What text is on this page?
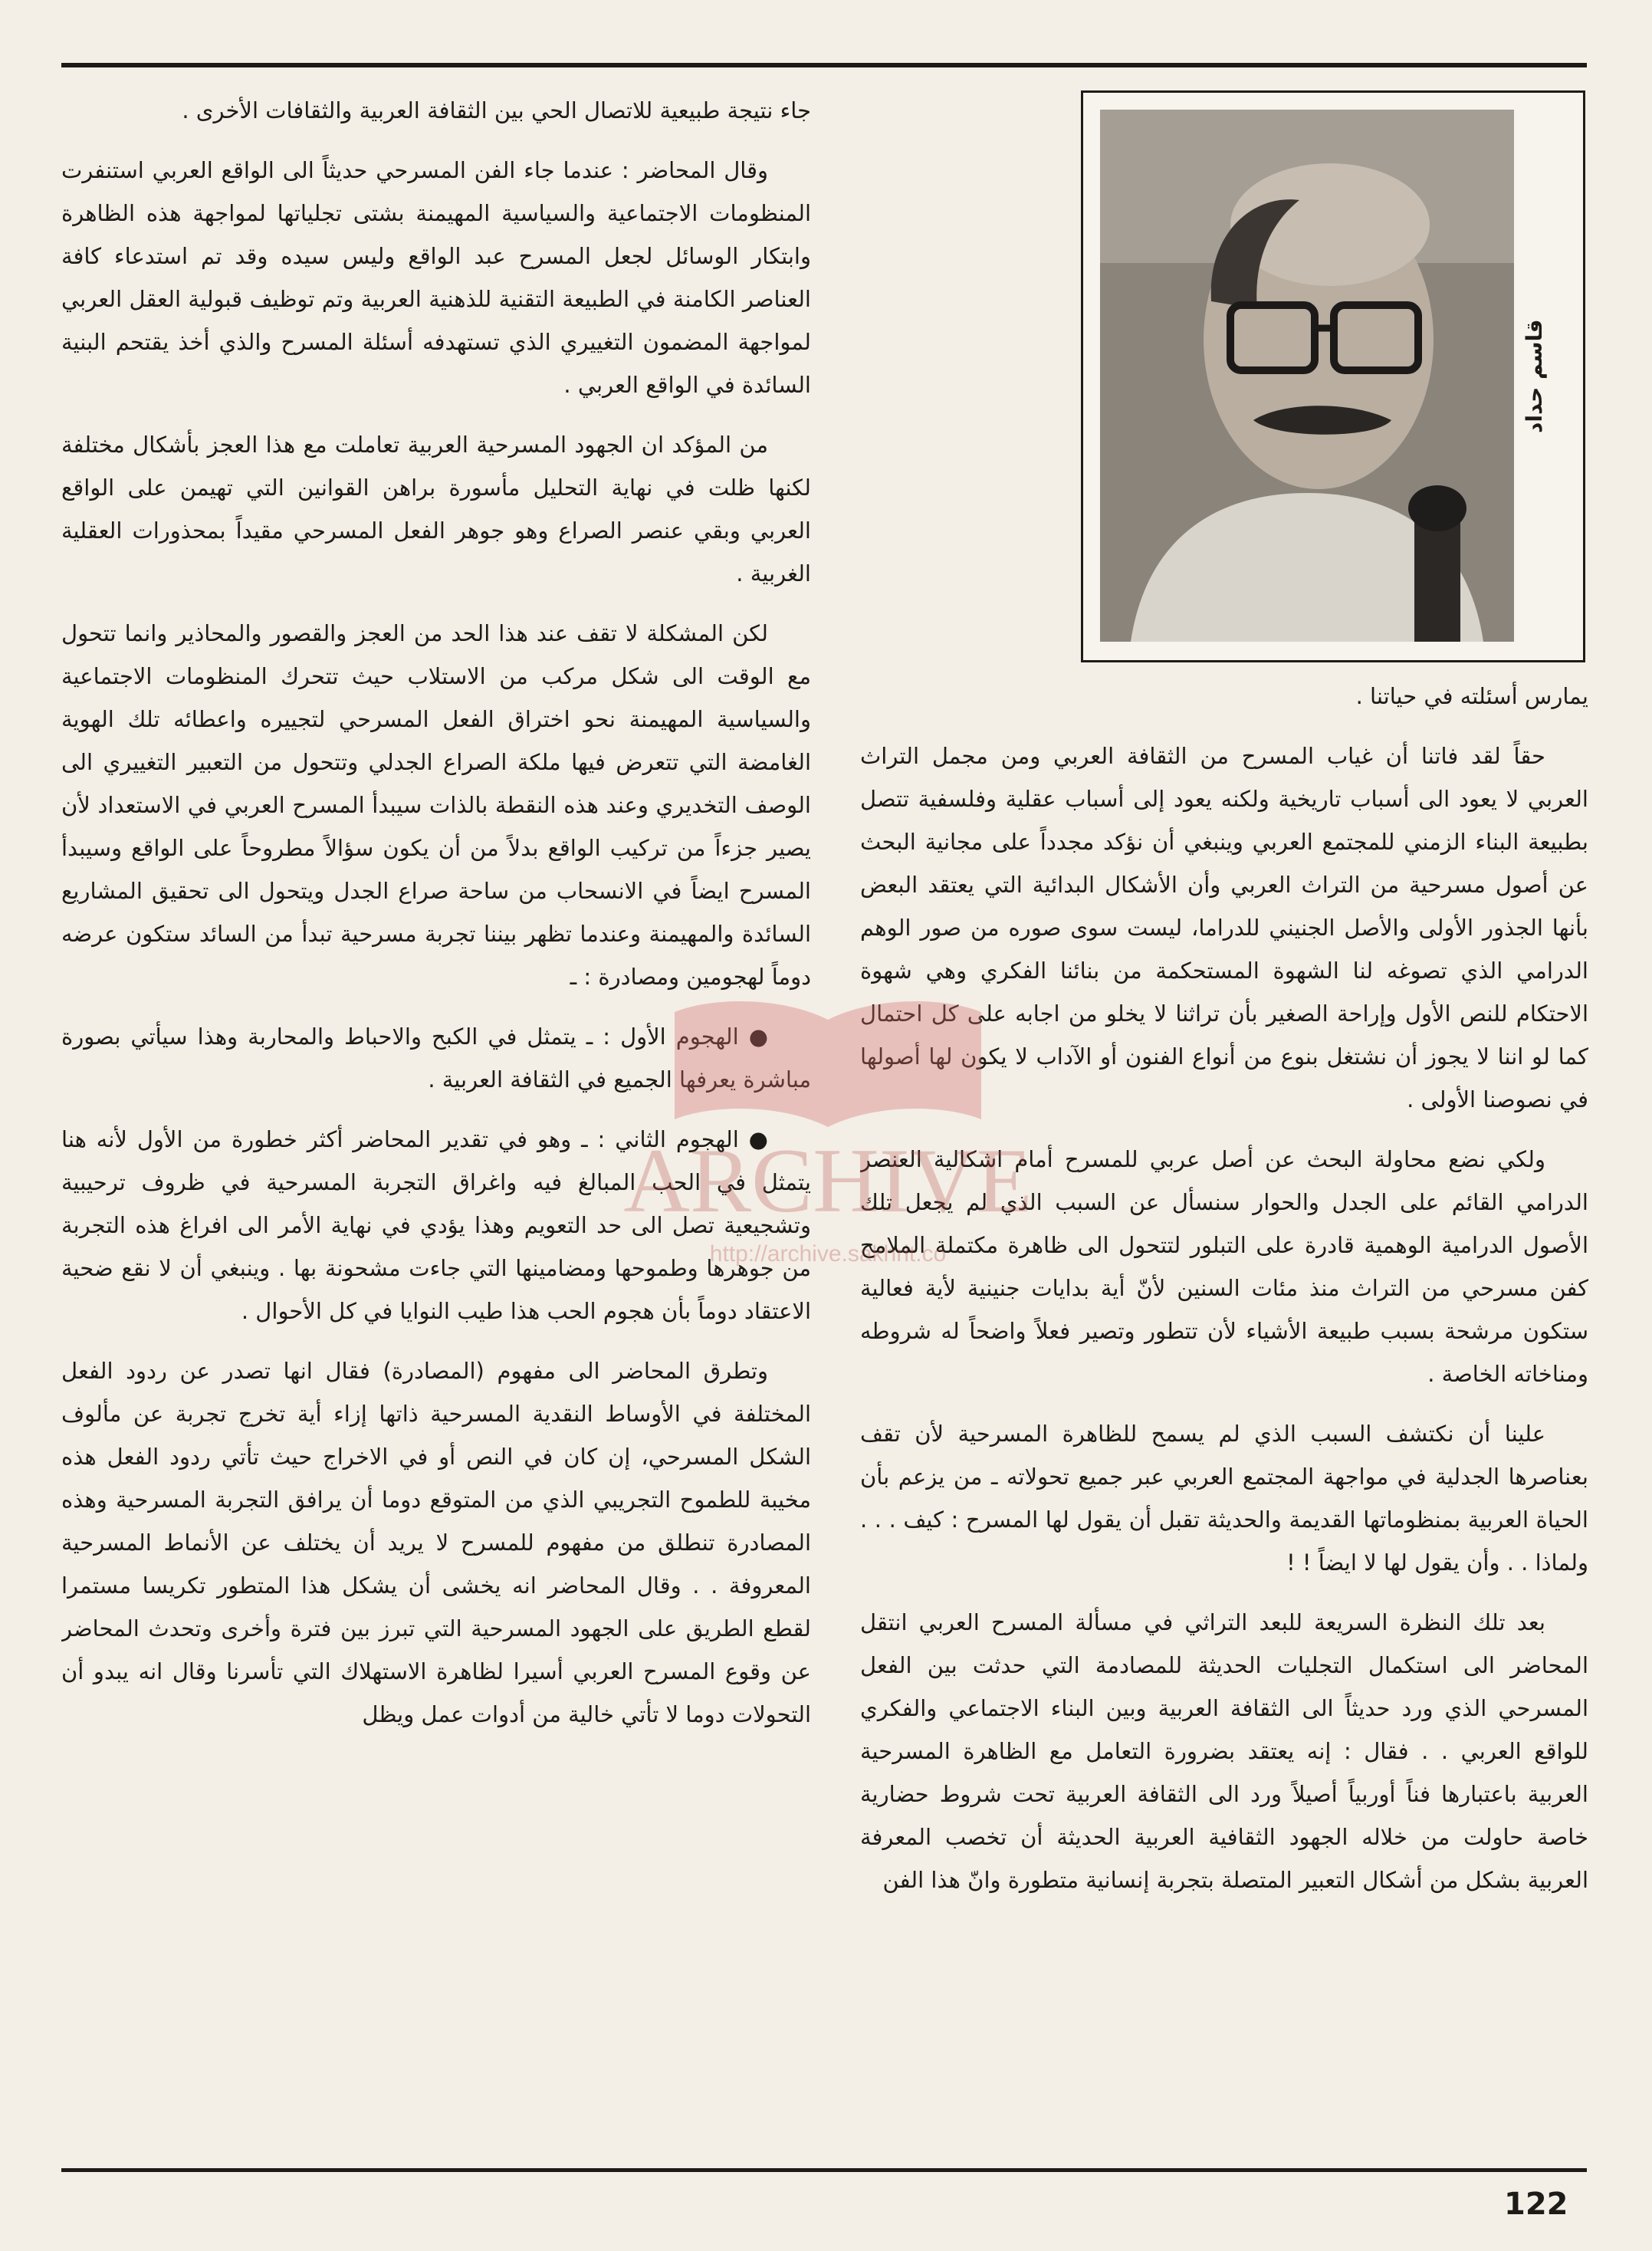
جاء نتيجة طبيعية للاتصال الحي بين الثقافة العربية والثقافات الأخرى .

وقال المحاضر : عندما جاء الفن المسرحي حديثاً الى الواقع العربي استنفرت المنظومات الاجتماعية والسياسية المهيمنة بشتى تجلياتها لمواجهة هذه الظاهرة وابتكار الوسائل لجعل المسرح عبد الواقع وليس سيده وقد تم استدعاء كافة العناصر الكامنة في الطبيعة التقنية للذهنية العربية وتم توظيف قبولية العقل العربي لمواجهة المضمون التغييري الذي تستهدفه أسئلة المسرح والذي أخذ يقتحم البنية السائدة في الواقع العربي .

من المؤكد ان الجهود المسرحية العربية تعاملت مع هذا العجز بأشكال مختلفة لكنها ظلت في نهاية التحليل مأسورة براهن القوانين التي تهيمن على الواقع العربي وبقي عنصر الصراع وهو جوهر الفعل المسرحي مقيداً بمحذورات العقلية الغربية .

لكن المشكلة لا تقف عند هذا الحد من العجز والقصور والمحاذير وانما تتحول مع الوقت الى شكل مركب من الاستلاب حيث تتحرك المنظومات الاجتماعية والسياسية المهيمنة نحو اختراق الفعل المسرحي لتجييره واعطائه تلك الهوية الغامضة التي تتعرض فيها ملكة الصراع الجدلي وتتحول من التعبير التغييري الى الوصف التخديري وعند هذه النقطة بالذات سيبدأ المسرح العربي في الاستعداد لأن يصير جزءاً من تركيب الواقع بدلاً من أن يكون سؤالاً مطروحاً على الواقع وسيبدأ المسرح ايضاً في الانسحاب من ساحة صراع الجدل ويتحول الى تحقيق المشاريع السائدة والمهيمنة وعندما تظهر بيننا تجربة مسرحية تبدأ من السائد ستكون عرضه دوماً لهجومين ومصادرة : ـ

● الهجوم الأول : ـ يتمثل في الكبح والاحباط والمحاربة وهذا سيأتي بصورة مباشرة يعرفها الجميع في الثقافة العربية .

● الهجوم الثاني : ـ وهو في تقدير المحاضر أكثر خطورة من الأول لأنه هنا يتمثل في الحب المبالغ فيه واغراق التجربة المسرحية في ظروف ترحيبية وتشجيعية تصل الى حد التعويم وهذا يؤدي في نهاية الأمر الى افراغ هذه التجربة من جوهرها وطموحها ومضامينها التي جاءت مشحونة بها . وينبغي أن لا نقع ضحية الاعتقاد دوماً بأن هجوم الحب هذا طيب النوايا في كل الأحوال .

وتطرق المحاضر الى مفهوم (المصادرة) فقال انها تصدر عن ردود الفعل المختلفة في الأوساط النقدية المسرحية ذاتها إزاء أية تخرج تجربة عن مألوف الشكل المسرحي، إن كان في النص أو في الاخراج حيث تأتي ردود الفعل هذه مخيبة للطموح التجريبي الذي من المتوقع دوما أن يرافق التجربة المسرحية وهذه المصادرة تنطلق من مفهوم للمسرح لا يريد أن يختلف عن الأنماط المسرحية المعروفة . . وقال المحاضر انه يخشى أن يشكل هذا المتطور تكريسا مستمرا لقطع الطريق على الجهود المسرحية التي تبرز بين فترة وأخرى وتحدث المحاضر عن وقوع المسرح العربي أسيرا لظاهرة الاستهلاك التي تأسرنا وقال انه يبدو أن التحولات دوما لا تأتي خالية من أدوات عمل ويظل

قاسم حداد

يمارس أسئلته في حياتنا .

حقاً لقد فاتنا أن غياب المسرح من الثقافة العربي ومن مجمل التراث العربي لا يعود الى أسباب تاريخية ولكنه يعود إلى أسباب عقلية وفلسفية تتصل بطبيعة البناء الزمني للمجتمع العربي وينبغي أن نؤكد مجدداً على مجانية البحث عن أصول مسرحية من التراث العربي وأن الأشكال البدائية التي يعتقد البعض بأنها الجذور الأولى والأصل الجنيني للدراما، ليست سوى صوره من صور الوهم الدرامي الذي تصوغه لنا الشهوة المستحكمة من بنائنا الفكري وهي شهوة الاحتكام للنص الأول وإراحة الصغير بأن تراثنا لا يخلو من اجابه على كل احتمال كما لو اننا لا يجوز أن نشتغل بنوع من أنواع الفنون أو الآداب لا يكون لها أصولها في نصوصنا الأولى .

ولكي نضع محاولة البحث عن أصل عربي للمسرح أمام اشكالية العنصر الدرامي القائم على الجدل والحوار سنسأل عن السبب الذي لم يجعل تلك الأصول الدرامية الوهمية قادرة على التبلور لتتحول الى ظاهرة مكتملة الملامح كفن مسرحي من التراث منذ مئات السنين لأنّ أية بدايات جنينية لأية فعالية ستكون مرشحة بسبب طبيعة الأشياء لأن تتطور وتصير فعلاً واضحاً له شروطه ومناخاته الخاصة .

علينا أن نكتشف السبب الذي لم يسمح للظاهرة المسرحية لأن تقف بعناصرها الجدلية في مواجهة المجتمع العربي عبر جميع تحولاته ـ من يزعم بأن الحياة العربية بمنظوماتها القديمة والحديثة تقبل أن يقول لها المسرح : كيف . . . ولماذا . . وأن يقول لها لا ايضاً ! !

بعد تلك النظرة السريعة للبعد التراثي في مسألة المسرح العربي انتقل المحاضر الى استكمال التجليات الحديثة للمصادمة التي حدثت بين الفعل المسرحي الذي ورد حديثاً الى الثقافة العربية وبين البناء الاجتماعي والفكري للواقع العربي . . فقال : إنه يعتقد بضرورة التعامل مع الظاهرة المسرحية العربية باعتبارها فناً أوربياً أصيلاً ورد الى الثقافة العربية تحت شروط حضارية خاصة حاولت من خلاله الجهود الثقافية العربية الحديثة أن تخصب المعرفة العربية بشكل من أشكال التعبير المتصلة بتجربة إنسانية متطورة وانّ هذا الفن

ARCHIVE
http://archive.sakhrit.co
122
